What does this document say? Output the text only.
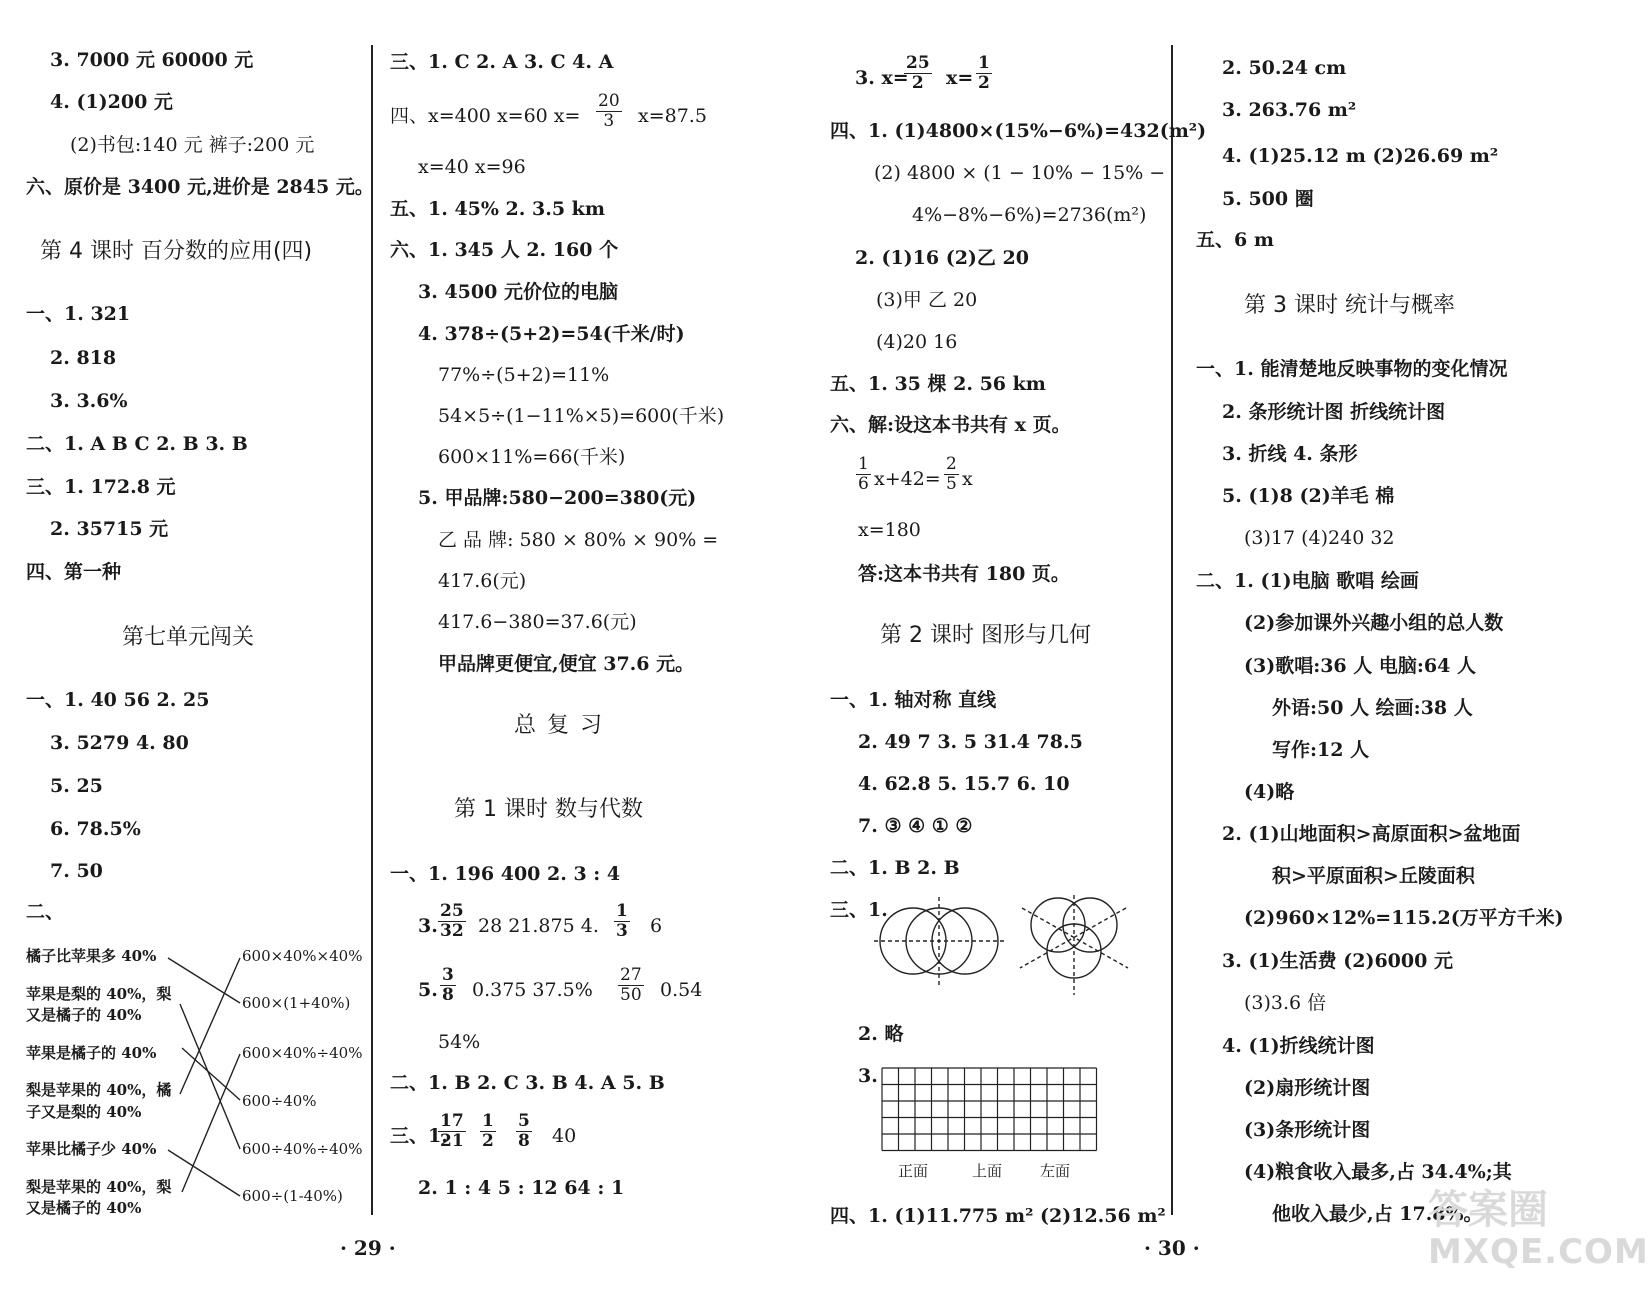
3. 7000 元 60000 元
4. (1)200 元
(2)书包:140 元 裤子:200 元
六、原价是 3400 元,进价是 2845 元。
第 4 课时 百分数的应用(四)
一、1. 321
2. 818
3. 3.6%
二、1. A B C 2. B 3. B
三、1. 172.8 元
2. 35715 元
四、第一种
第七单元闯关
一、1. 40 56 2. 25
3. 5279 4. 80
5. 25
6. 78.5%
7. 50
二、
橘子比苹果多 40%
苹果是梨的 40%，梨
又是橘子的 40%
苹果是橘子的 40%
梨是苹果的 40%，橘
子又是梨的 40%
苹果比橘子少 40%
梨是苹果的 40%，梨
又是橘子的 40%
600×40%×40%
600×(1+40%)
600×40%÷40%
600÷40%
600÷40%÷40%
600÷(1-40%)
三、1. C 2. A 3. C 4. A
四、x=400 x=60 $x= \frac{20}{3} x=87.5$
x=40 x=96
五、1. 45% 2. 3.5 km
六、1. 345 人 2. 160 个
3. 4500 元价位的电脑
4. 378÷(5+2)=54(千米/时)
77%÷(5+2)=11%
54×5÷(1−11%×5)=600(千米)
600×11%=66(千米)
5. 甲品牌:580−200=380(元)
乙 品 牌: 580 × 80% × 90% =
417.6(元)
417.6−380=37.6(元)
甲品牌更便宜,便宜 37.6 元。
总 复 习
第 1 课时 数与代数
一、1. 196 400 2. 3 : 4
3. $\frac{25}{32} 28$ 21.875 4. $\frac{1}{3} 6$
5. $\frac{3}{8} 0.375$ $37.5\% \frac{27}{50} 0.54$
54%
二、1. B 2. C 3. B 4. A 5. B
三、1.
$\frac{17}{21} \frac{1}{2} \frac{5}{8} 40$
2. 1 : 4 5 : 12 64 : 1
3. x=
$\frac{25}{2} x= \frac{1}{2}$
四、1. (1)4800×(15%−6%)=432(m²)
(2) 4800 × (1 − 10% − 15% −
4%−8%−6%)=2736(m²)
2. (1)16 (2)乙 20
(3)甲 乙 20
(4)20 16
五、1. 35 棵 2. 56 km
六、解:设这本书共有 x 页。
$\frac{1}{6} x+42= \frac{2}{5}$ x
x=180
答:这本书共有 180 页。
第 2 课时 图形与几何
一、1. 轴对称 直线
2. 49 7 3. 5 31.4 78.5
4. 62.8 5. 15.7 6. 10
7. ③ ④ ① ②
二、1. B 2. B
三、1.
2. 略
3.
正面	上面	左面
四、1. (1)11.775 m² (2)12.56 m²
2. 50.24 cm
3. 263.76 m²
4. (1)25.12 m (2)26.69 m²
5. 500 圈
五、6 m
第 3 课时 统计与概率
一、1. 能清楚地反映事物的变化情况
2. 条形统计图 折线统计图
3. 折线 4. 条形
5. (1)8 (2)羊毛 棉
(3)17 (4)240 32
二、1. (1)电脑 歌唱 绘画
(2)参加课外兴趣小组的总人数
(3)歌唱:36 人 电脑:64 人
外语:50 人 绘画:38 人
写作:12 人
(4)略
2. (1)山地面积>高原面积>盆地面
积>平原面积>丘陵面积
(2)960×12%=115.2(万平方千米)
3. (1)生活费 (2)6000 元
(3)3.6 倍
4. (1)折线统计图
(2)扇形统计图
(3)条形统计图
(4)粮食收入最多,占 34.4%;其
他收入最少,占 17.8%。
· 29 ·	· 30 ·
答案圈
MXQE.COM
